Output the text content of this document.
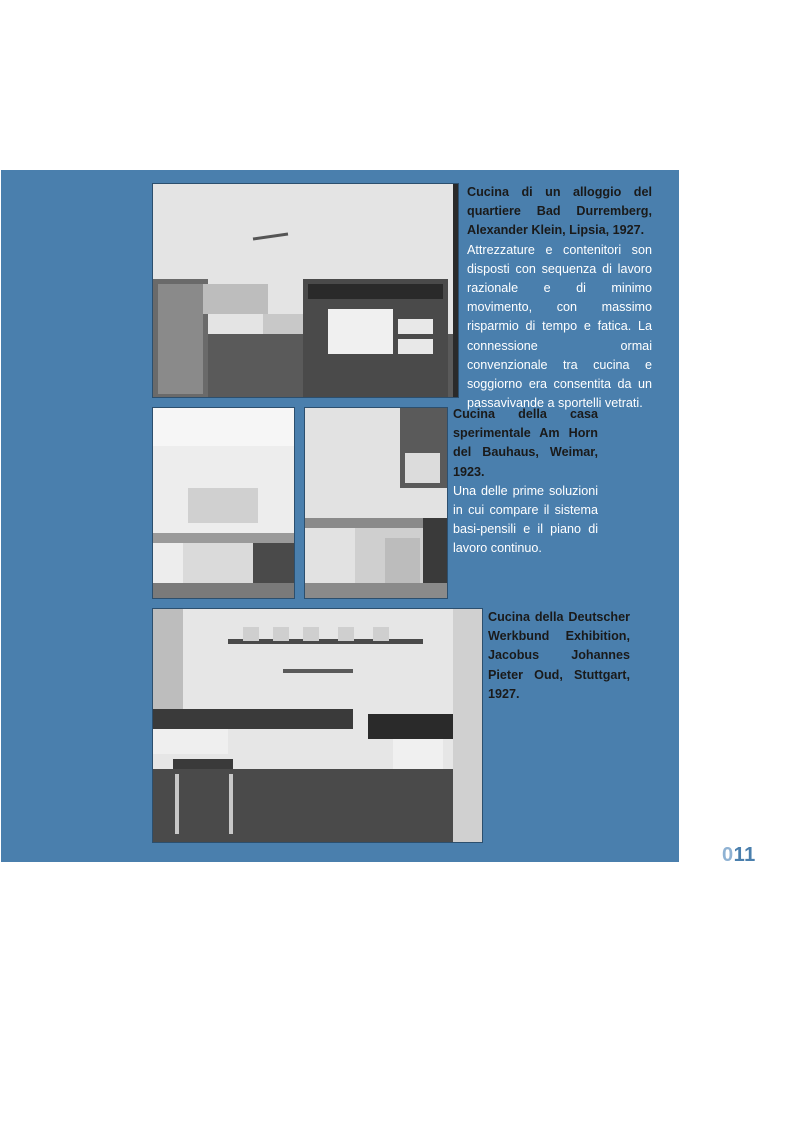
Cucina di un alloggio del quartiere Bad Durremberg, Alexander Klein, Lipsia, 1927.

Attrezzature e contenitori son disposti con sequenza di lavoro razionale e di minimo movimento, con massimo risparmio di tempo e fatica. La connessione ormai convenzionale tra cucina e soggiorno era consentita da un passavivande a sportelli vetrati.

Cucina della casa sperimentale Am Horn del Bauhaus, Weimar, 1923.

Una delle prime soluzioni in cui compare il sistema basi-pensili e il piano di lavoro continuo.

Cucina della Deutscher Werkbund Exhibition, Jacobus Johannes Pieter Oud, Stuttgart, 1927.

011
